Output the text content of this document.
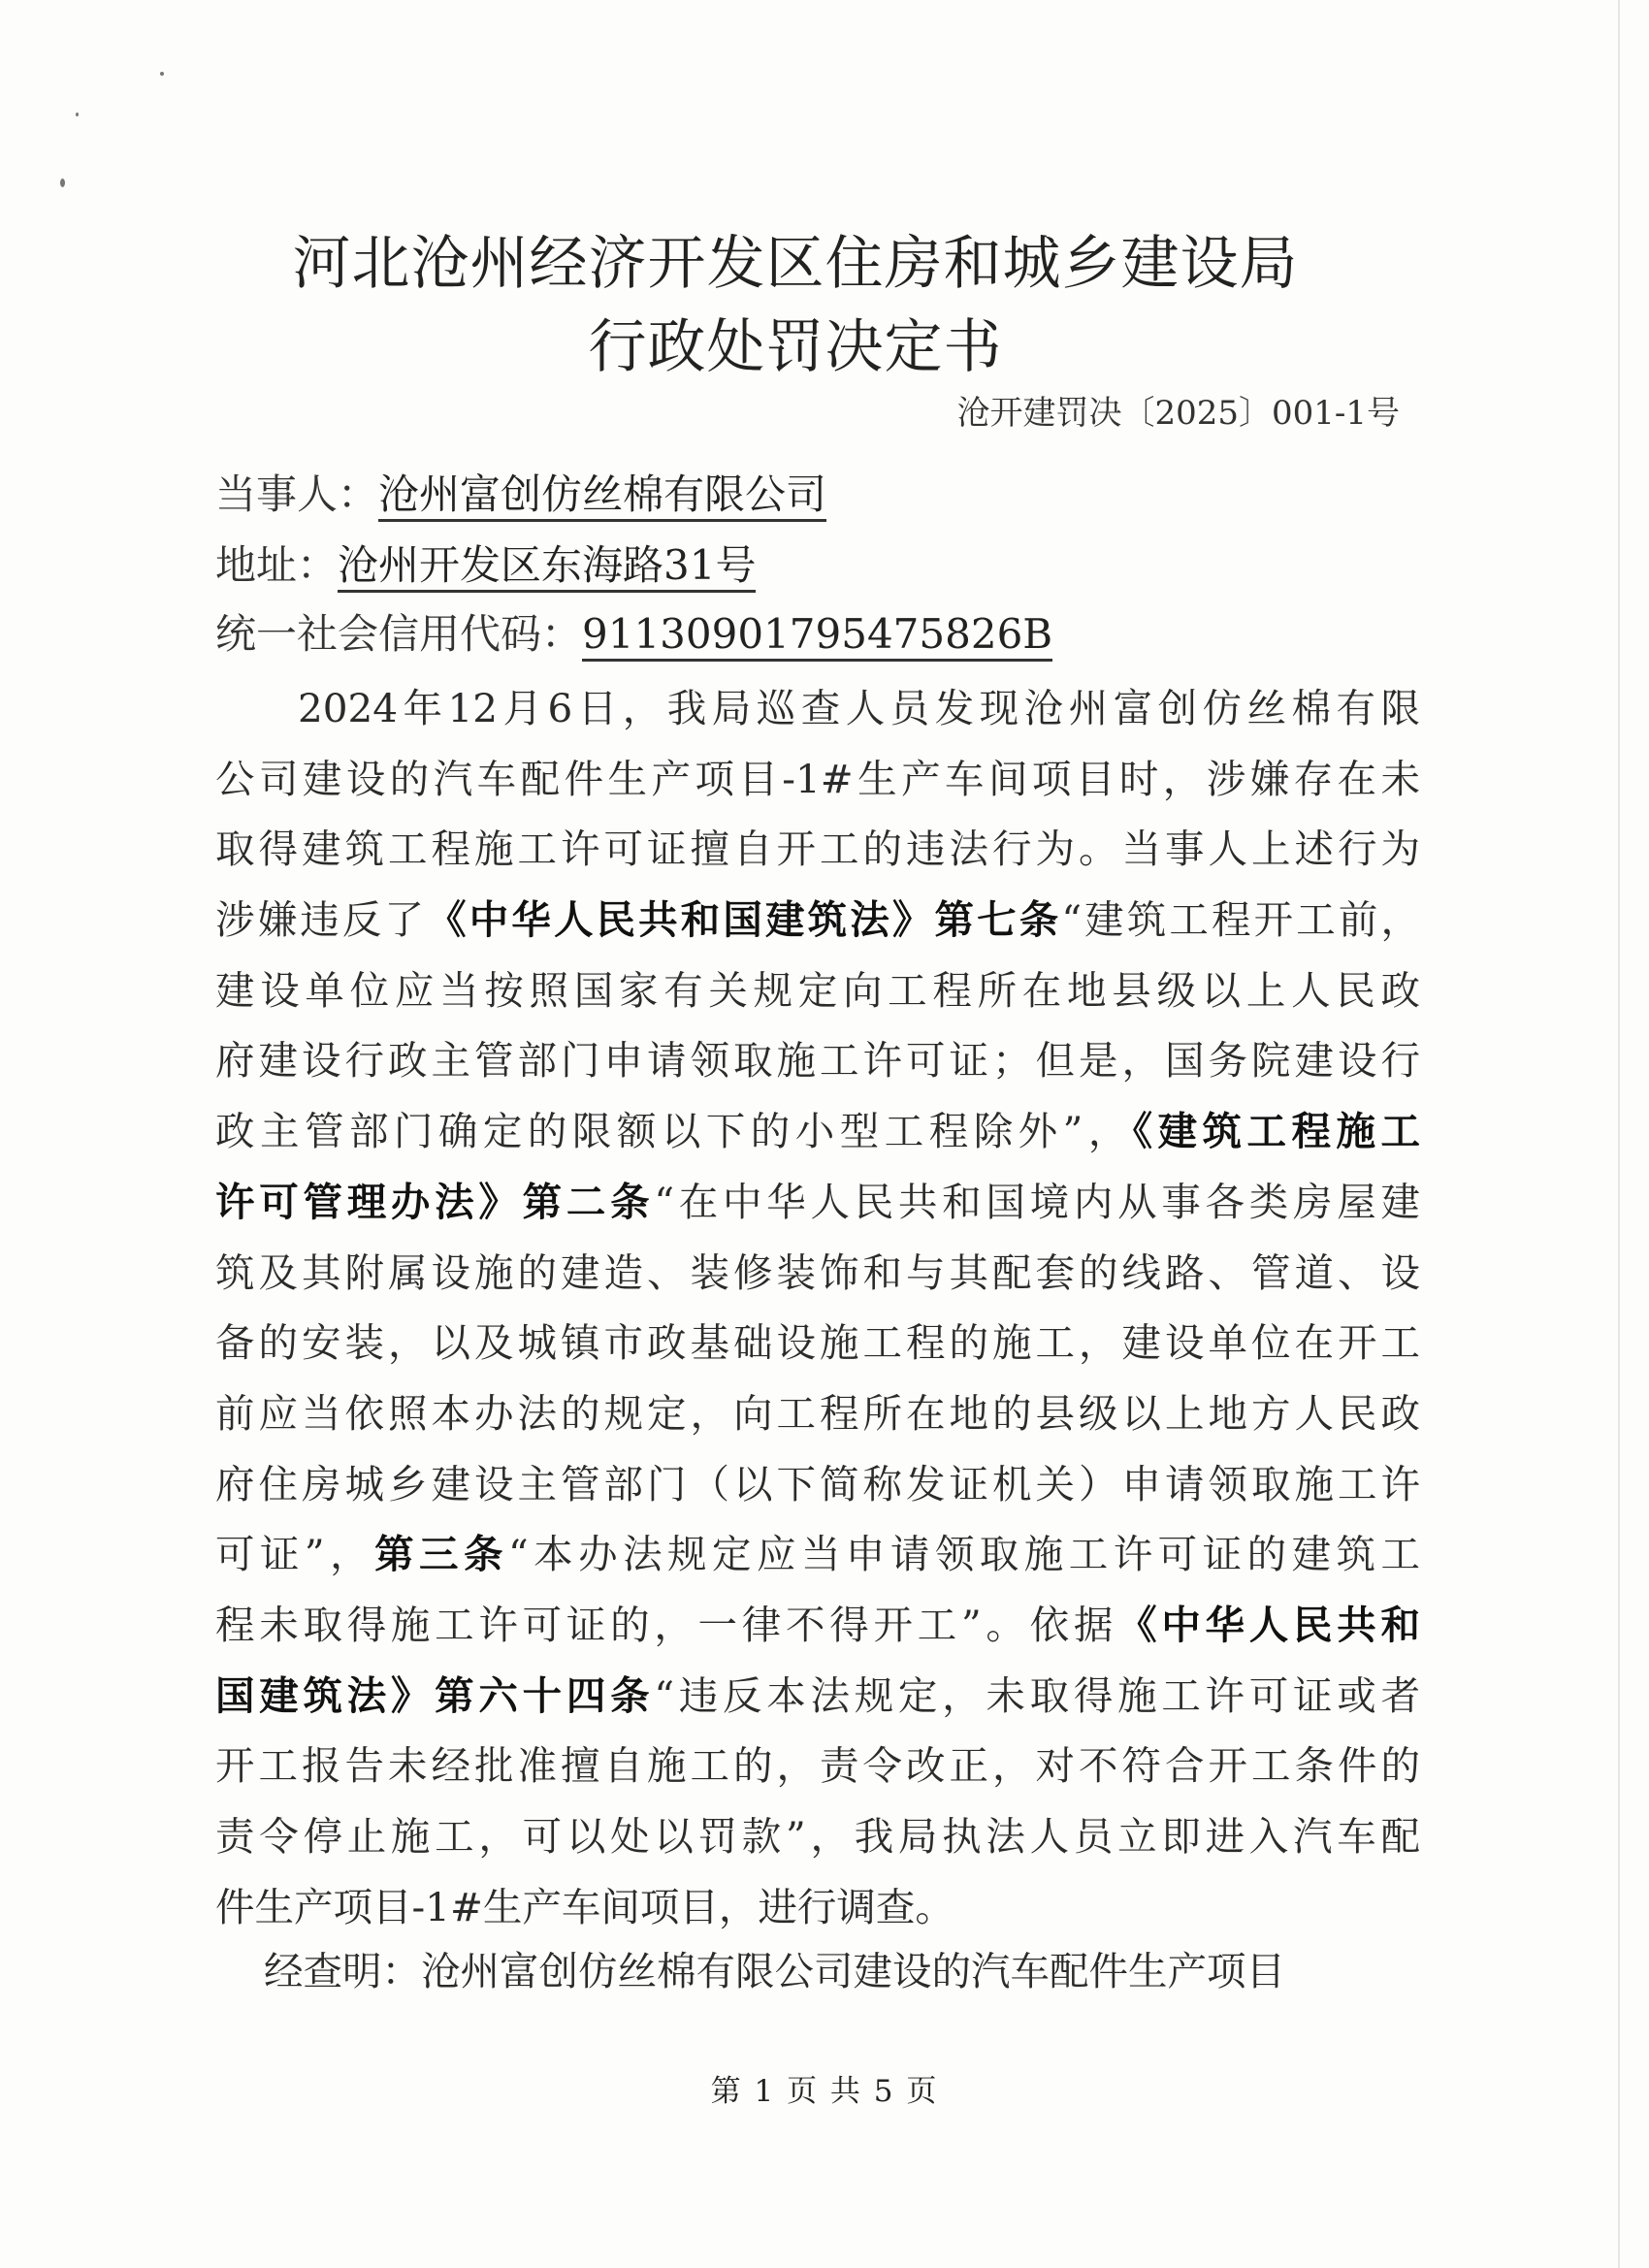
河北沧州经济开发区住房和城乡建设局
行政处罚决定书
沧开建罚决〔2025〕001-1号
当事人：沧州富创仿丝棉有限公司
地址：沧州开发区东海路31号
统一社会信用代码：91130901795475826B
2024年12月6日，我局巡查人员发现沧州富创仿丝棉有限
公司建设的汽车配件生产项目-1#生产车间项目时，涉嫌存在未
取得建筑工程施工许可证擅自开工的违法行为。当事人上述行为
涉嫌违反了《中华人民共和国建筑法》第七条“建筑工程开工前，
建设单位应当按照国家有关规定向工程所在地县级以上人民政
府建设行政主管部门申请领取施工许可证；但是，国务院建设行
政主管部门确定的限额以下的小型工程除外”，《建筑工程施工
许可管理办法》第二条“在中华人民共和国境内从事各类房屋建
筑及其附属设施的建造、装修装饰和与其配套的线路、管道、设
备的安装，以及城镇市政基础设施工程的施工，建设单位在开工
前应当依照本办法的规定，向工程所在地的县级以上地方人民政
府住房城乡建设主管部门（以下简称发证机关）申请领取施工许
可证”，第三条“本办法规定应当申请领取施工许可证的建筑工
程未取得施工许可证的，一律不得开工”。依据《中华人民共和
国建筑法》第六十四条“违反本法规定，未取得施工许可证或者
开工报告未经批准擅自施工的，责令改正，对不符合开工条件的
责令停止施工，可以处以罚款”，我局执法人员立即进入汽车配
件生产项目-1#生产车间项目，进行调查。
经查明：沧州富创仿丝棉有限公司建设的汽车配件生产项目
第 1 页 共 5 页
